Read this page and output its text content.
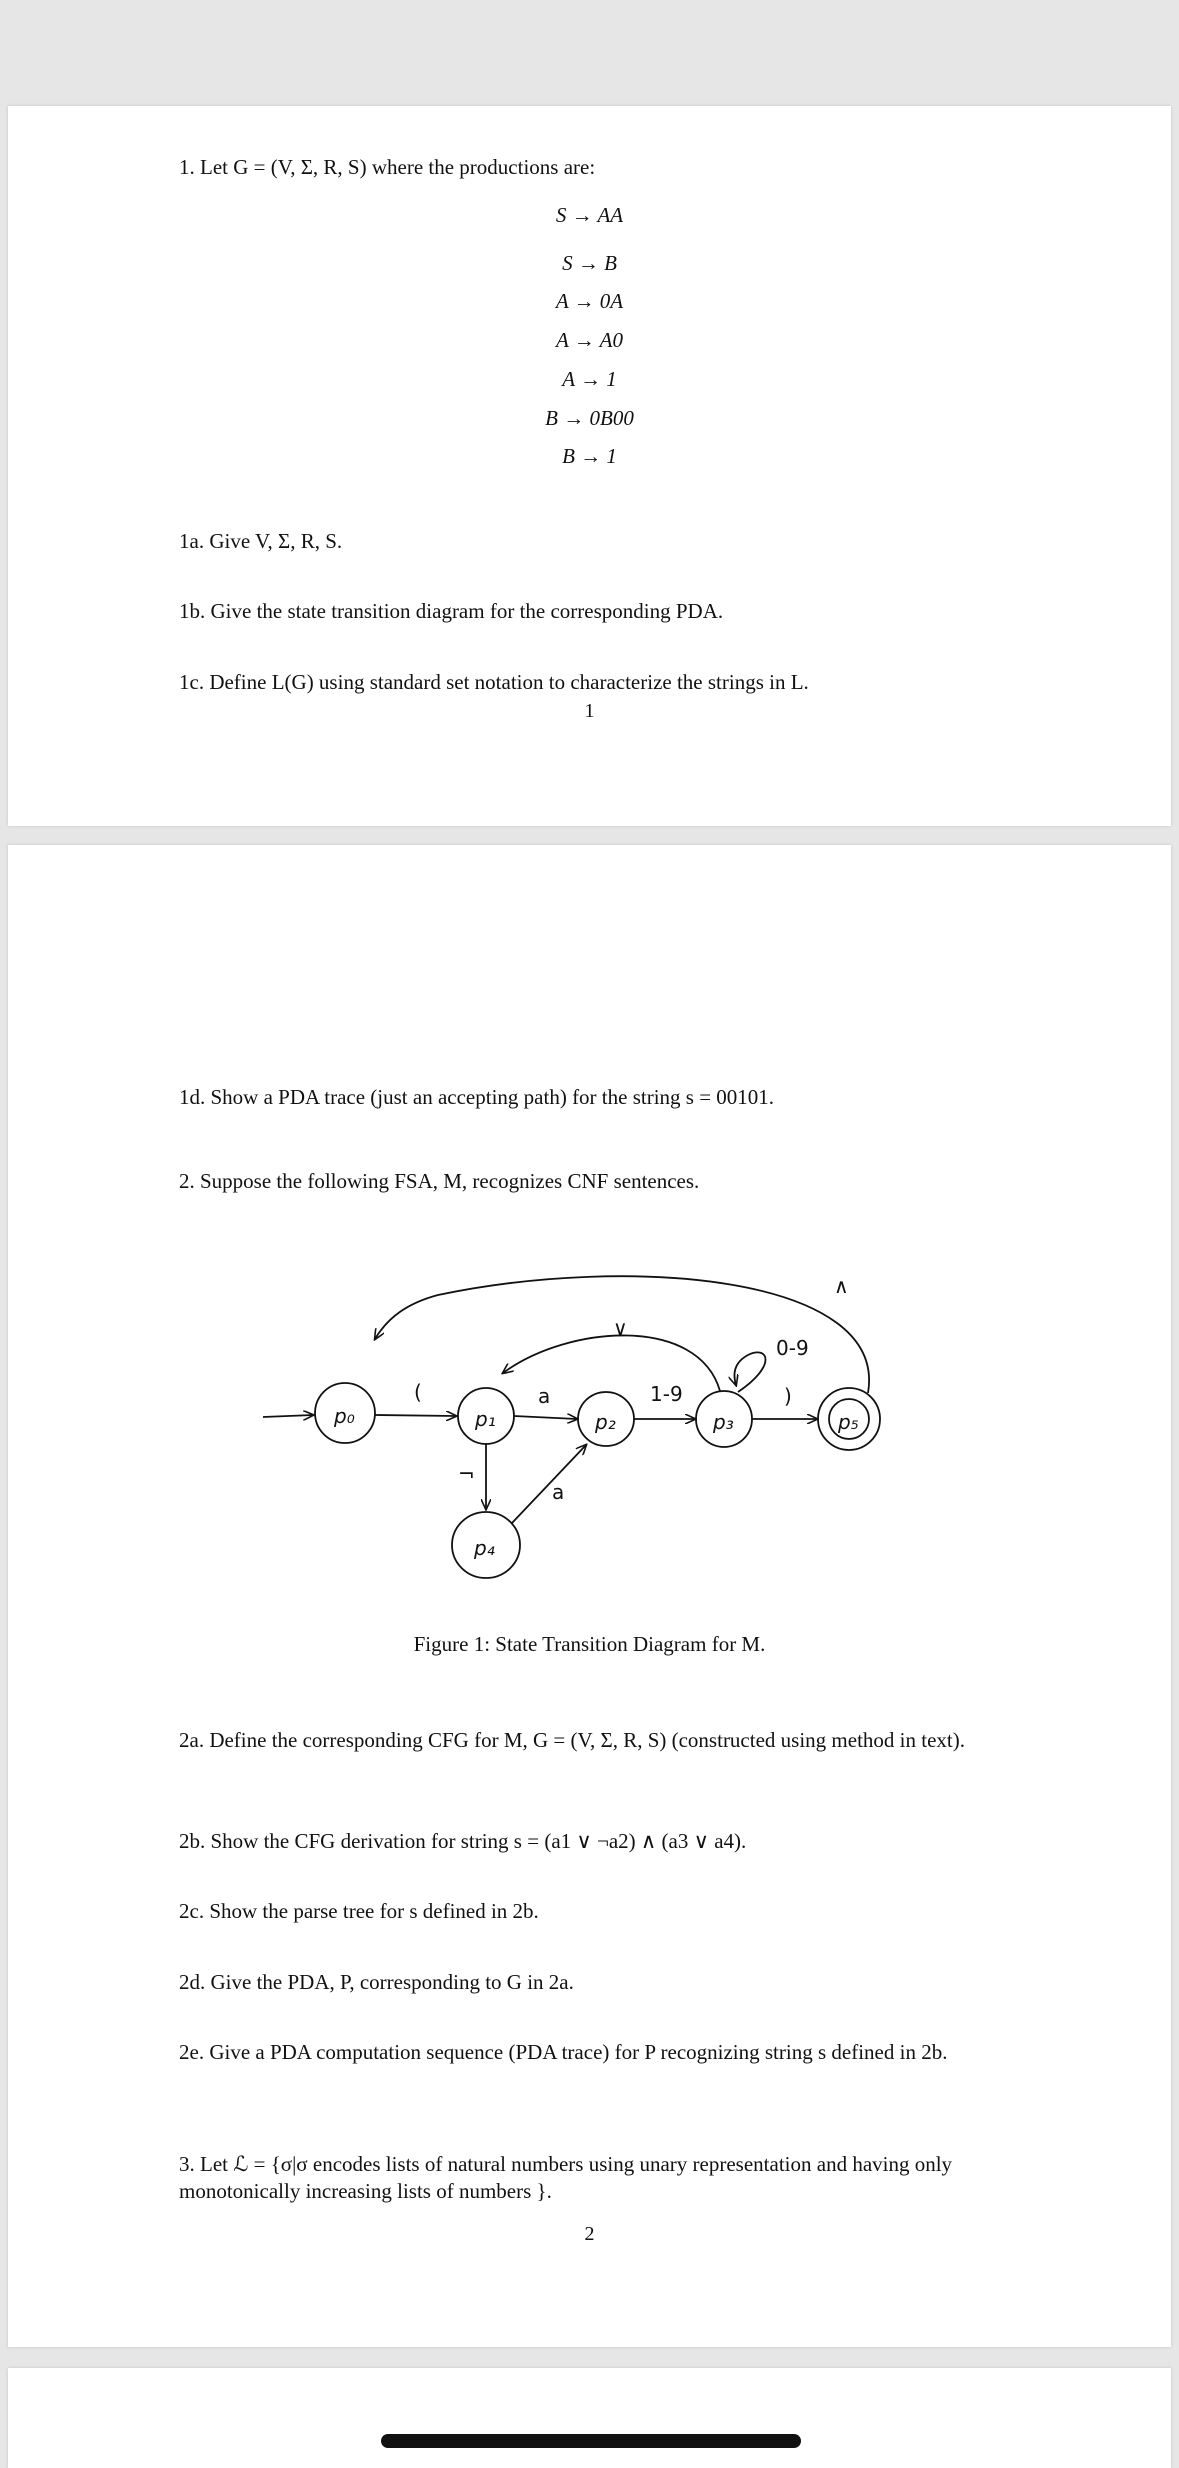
1. Let G = (V, Σ, R, S) where the productions are:
S → AA
S → B
A → 0A
A → A0
A → 1
B → 0B00
B → 1
1a. Give V, Σ, R, S.
1b. Give the state transition diagram for the corresponding PDA.
1c. Define L(G) using standard set notation to characterize the strings in L.
1
1d. Show a PDA trace (just an accepting path) for the string s = 00101.
2. Suppose the following FSA, M, recognizes CNF sentences.
p₀	p₁	p₂	p₃	p₅
p₄
(	a	1-9
0-9
)
∨
∧
¬
a
Figure 1: State Transition Diagram for M.
2a. Define the corresponding CFG for M, G = (V, Σ, R, S) (constructed using method in text).
2b. Show the CFG derivation for string s = (a1 ∨ ¬a2) ∧ (a3 ∨ a4).
2c. Show the parse tree for s defined in 2b.
2d. Give the PDA, P, corresponding to G in 2a.
2e. Give a PDA computation sequence (PDA trace) for P recognizing string s defined in 2b.
3. Let ℒ = {σ|σ encodes lists of natural numbers using unary representation and having only monotonically increasing lists of numbers }.
2
